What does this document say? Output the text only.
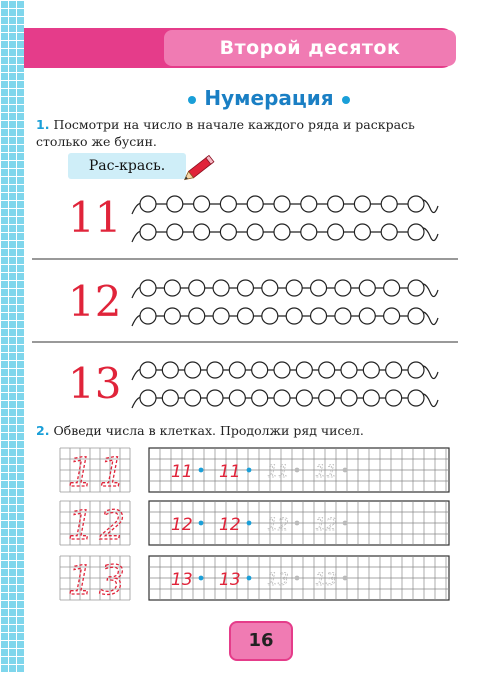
Второй десяток
Нумерация
1. Посмотри на число в начале каждого ряда и раскрась столько же бусин.
Рас-крась.
11
12
13
11 11 11 11 11
12 12 12 12 12
13 13 13 13 13
2. Обведи числа в клетках. Продолжи ряд чисел.
16
